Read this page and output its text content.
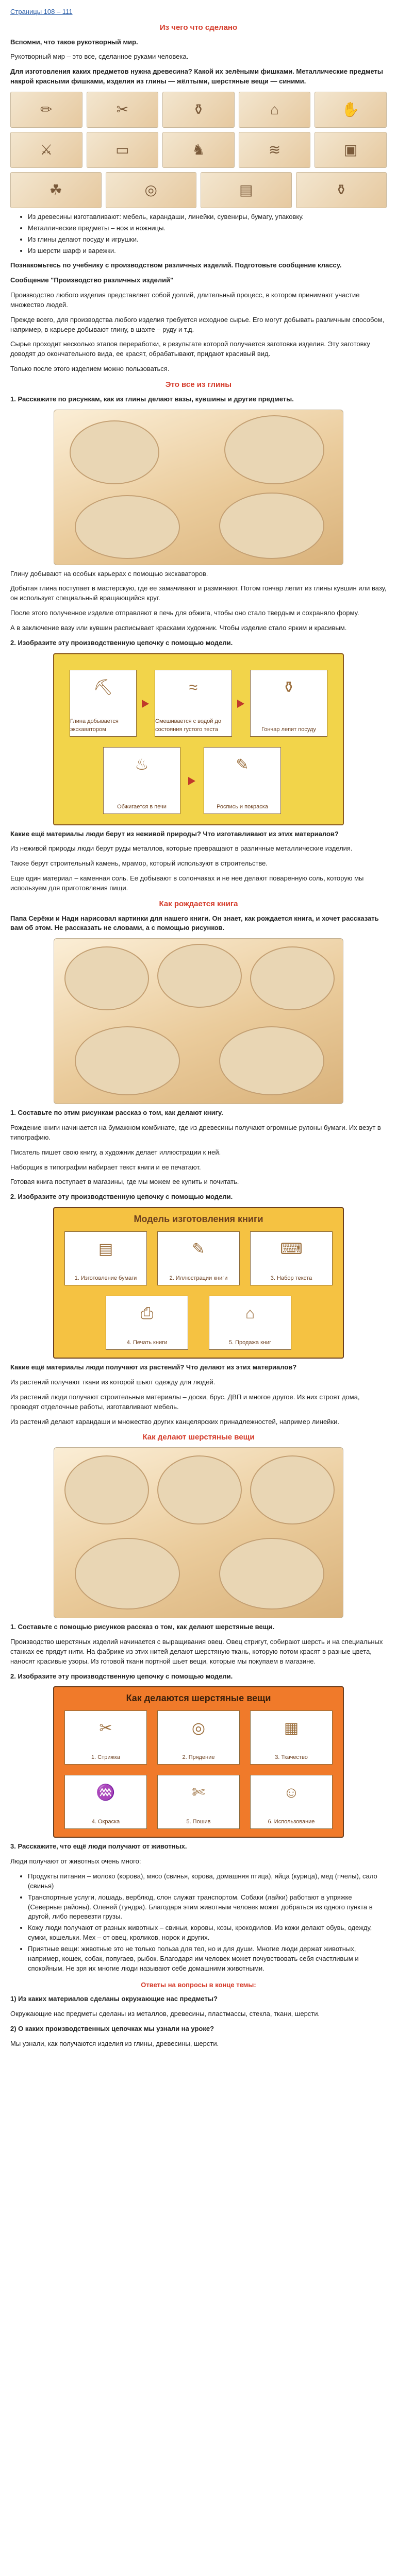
Страницы 108 – 111
Из чего что сделано

Вспомни, что такое рукотворный мир.

Рукотворный мир – это все, сделанное руками человека.

Для изготовления каких предметов нужна древесина? Какой их зелёными фишками. Металлические предметы накрой красными фишками, изделия из глины — жёлтыми, шерстяные вещи — синими.

✏	✂	⚱	⌂	✋
⚔	▭	♞	≋	▣
☘	◎	▤	⚱
• Из древесины изготавливают: мебель, карандаши, линейки, сувениры, бумагу, упаковку.
• Металлические предметы – нож и ножницы.
• Из глины делают посуду и игрушки.
• Из шерсти шарф и варежки.

Познакомьтесь по учебнику с производством различных изделий. Подготовьте сообщение классу.

Сообщение "Производство различных изделий"

Производство любого изделия представляет собой долгий, длительный процесс, в котором принимают участие множество людей.

Прежде всего, для производства любого изделия требуется исходное сырье. Его могут добывать различным способом, например, в карьере добывают глину, в шахте – руду и т.д.

Сырье проходит несколько этапов переработки, в результате которой получается заготовка изделия. Эту заготовку доводят до окончательного вида, ее красят, обрабатывают, придают красивый вид.

Только после этого изделием можно пользоваться.

Это все из глины

1. Расскажите по рисункам, как из глины делают вазы, кувшины и другие предметы.

Глину добывают на особых карьерах с помощью экскаваторов.

Добытая глина поступает в мастерскую, где ее замачивают и разминают. Потом гончар лепит из глины кувшин или вазу, он использует специальный вращающийся круг.

После этого полученное изделие отправляют в печь для обжига, чтобы оно стало твердым и сохраняло форму.

А в заключение вазу или кувшин расписывает красками художник. Чтобы изделие стало ярким и красивым.

2. Изобразите эту производственную цепочку с помощью модели.

⛏
Глина добывается экскаватором
≈
Смешивается с водой до состояния густого теста
⚱
Гончар лепит посуду
♨
Обжигается в печи
✎
Роспись и покраска

Какие ещё материалы люди берут из неживой природы? Что изготавливают из этих материалов?

Из неживой природы люди берут руды металлов, которые превращают в различные металлические изделия.

Также берут строительный камень, мрамор, который используют в строительстве.

Еще один материал – каменная соль. Ее добывают в солончаках и не нее делают поваренную соль, которую мы используем для приготовления пищи.

Как рождается книга

Папа Серёжи и Нади нарисовал картинки для нашего книги. Он знает, как рождается книга, и хочет рассказать вам об этом. Не рассказать не словами, а с помощью рисунков.

1. Составьте по этим рисункам рассказ о том, как делают книгу.

Рождение книги начинается на бумажном комбинате, где из древесины получают огромные рулоны бумаги. Их везут в типографию.

Писатель пишет свою книгу, а художник делает иллюстрации к ней.

Наборщик в типографии набирает текст книги и ее печатают.

Готовая книга поступает в магазины, где мы можем ее купить и почитать.

2. Изобразите эту производственную цепочку с помощью модели.

Модель изготовления книги
▤
1. Изготовление бумаги
✎
2. Иллюстрации книги
⌨
3. Набор текста
⎙
4. Печать книги
⌂
5. Продажа книг

Какие ещё материалы люди получают из растений? Что делают из этих материалов?

Из растений получают ткани из которой шьют одежду для людей.

Из растений люди получают строительные материалы – доски, брус. ДВП и многое другое. Из них строят дома, проводят отделочные работы, изготавливают мебель.

Из растений делают карандаши и множество других канцелярских принадлежностей, например линейки.

Как делают шерстяные вещи

1. Составьте с помощью рисунков рассказ о том, как делают шерстяные вещи.

Производство шерстяных изделий начинается с выращивания овец. Овец стригут, собирают шерсть и на специальных станках ее прядут нити. На фабрике из этих нитей делают шерстяную ткань, которую потом красят в разные цвета, наносят красивые узоры. Из готовой ткани портной шьет вещи, которые мы покупаем в магазине.

2. Изобразите эту производственную цепочку с помощью модели.

Как делаются шерстяные вещи
✂
1. Стрижка
◎
2. Прядение
▦
3. Ткачество
♒
4. Окраска
✄
5. Пошив
☺
6. Использование

3. Расскажите, что ещё люди получают от животных.

Люди получают от животных очень много:

• Продукты питания – молоко (корова), мясо (свинья, корова, домашняя птица), яйца (курица), мед (пчелы), сало (свинья)
• Транспортные услуги, лошадь, верблюд, слон служат транспортом. Собаки (лайки) работают в упряжке (Северные районы). Оленей (тундра). Благодаря этим животным человек может добраться из одного пункта в другой, либо перевезти грузы.
• Кожу люди получают от разных животных – свиньи, коровы, козы, крокодилов. Из кожи делают обувь, одежду, сумки, кошельки. Мех – от овец, кроликов, норок и других.
• Приятные вещи: животные это не только польза для тел, но и для души. Многие люди держат животных, например, кошек, собак, попугаев, рыбок. Благодаря им человек может почувствовать себя счастливым и спокойным. Не зря их многие люди называют себе домашними животными.
Ответы на вопросы в конце темы:

1) Из каких материалов сделаны окружающие нас предметы?

Окружающие нас предметы сделаны из металлов, древесины, пластмассы, стекла, ткани, шерсти.

2) О каких производственных цепочках мы узнали на уроке?

Мы узнали, как получаются изделия из глины, древесины, шерсти.
